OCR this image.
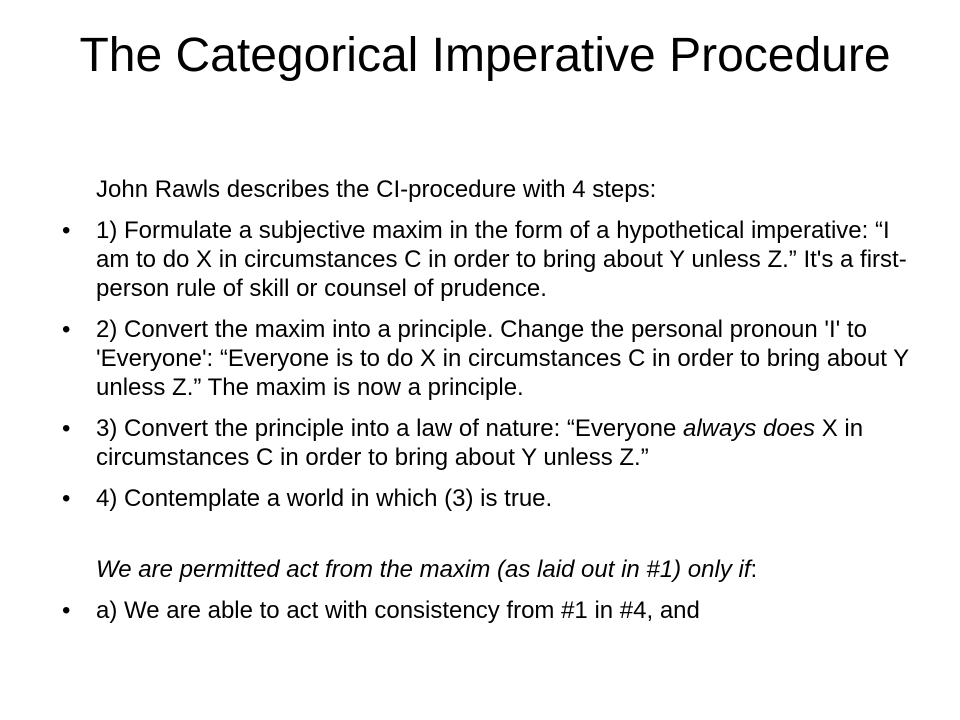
The Categorical Imperative Procedure
John Rawls describes the CI-procedure with 4 steps:
• 1) Formulate a subjective maxim in the form of a hypothetical imperative: “I am to do X in circumstances C in order to bring about Y unless Z.” It's a first-person rule of skill or counsel of prudence.
• 2) Convert the maxim into a principle. Change the personal pronoun 'I' to 'Everyone': “Everyone is to do X in circumstances C in order to bring about Y unless Z.” The maxim is now a principle.
• 3) Convert the principle into a law of nature: “Everyone always does X in circumstances C in order to bring about Y unless Z.”
• 4) Contemplate a world in which (3) is true.
We are permitted act from the maxim (as laid out in #1) only if:
• a) We are able to act with consistency from #1 in #4, and
